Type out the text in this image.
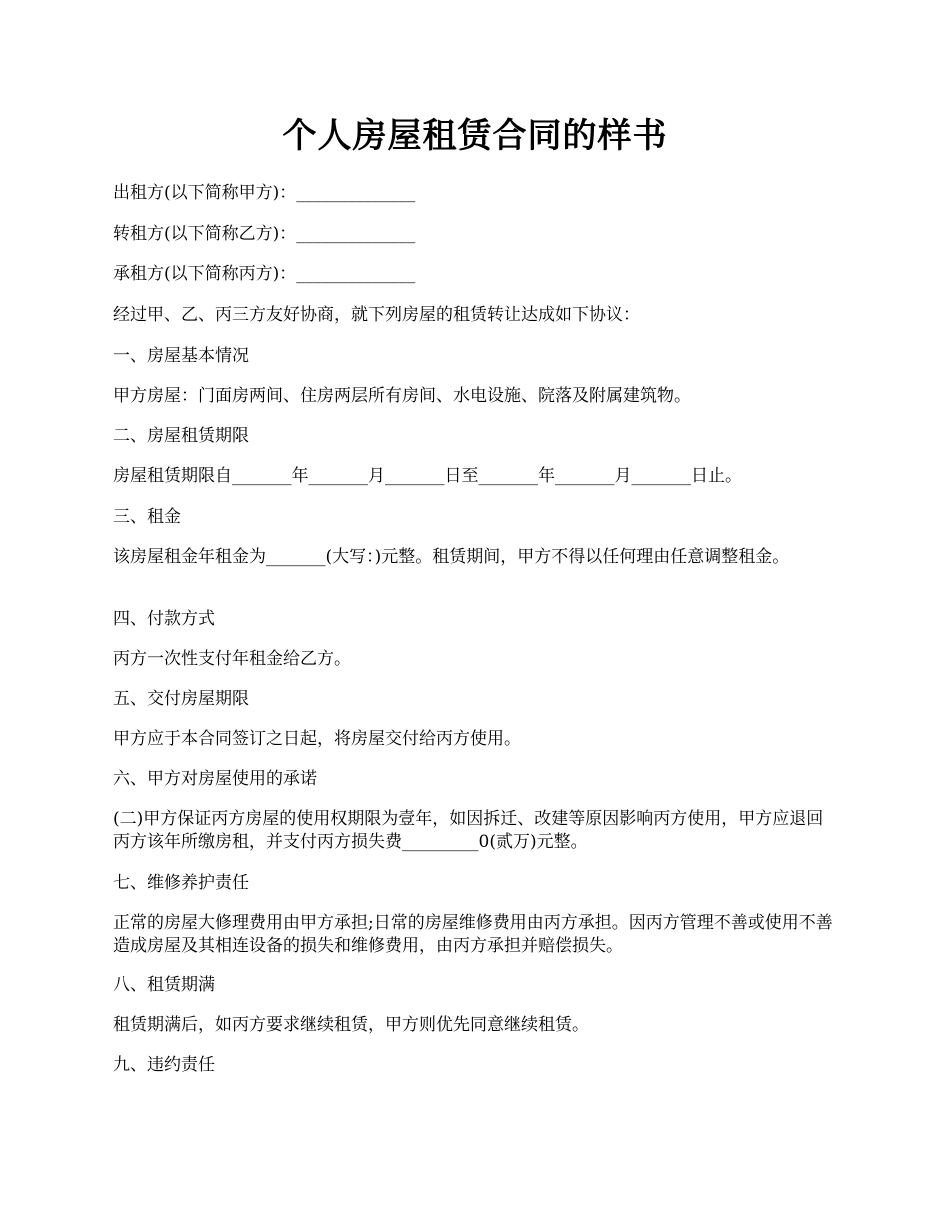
个人房屋租赁合同的样书

出租方(以下简称甲方)：______________

转租方(以下简称乙方)：______________

承租方(以下简称丙方)：______________

经过甲、乙、丙三方友好协商，就下列房屋的租赁转让达成如下协议：

一、房屋基本情况

甲方房屋：门面房两间、住房两层所有房间、水电设施、院落及附属建筑物。

二、房屋租赁期限

房屋租赁期限自_______年_______月_______日至_______年_______月_______日止。

三、租金

该房屋租金年租金为_______(大写：)元整。租赁期间，甲方不得以任何理由任意调整租金。

四、付款方式

丙方一次性支付年租金给乙方。

五、交付房屋期限

甲方应于本合同签订之日起，将房屋交付给丙方使用。

六、甲方对房屋使用的承诺

(二)甲方保证丙方房屋的使用权期限为壹年，如因拆迁、改建等原因影响丙方使用，甲方应退回丙方该年所缴房租，并支付丙方损失费_________0(贰万)元整。

七、维修养护责任

正常的房屋大修理费用由甲方承担;日常的房屋维修费用由丙方承担。因丙方管理不善或使用不善造成房屋及其相连设备的损失和维修费用，由丙方承担并赔偿损失。

八、租赁期满

租赁期满后，如丙方要求继续租赁，甲方则优先同意继续租赁。

九、违约责任
